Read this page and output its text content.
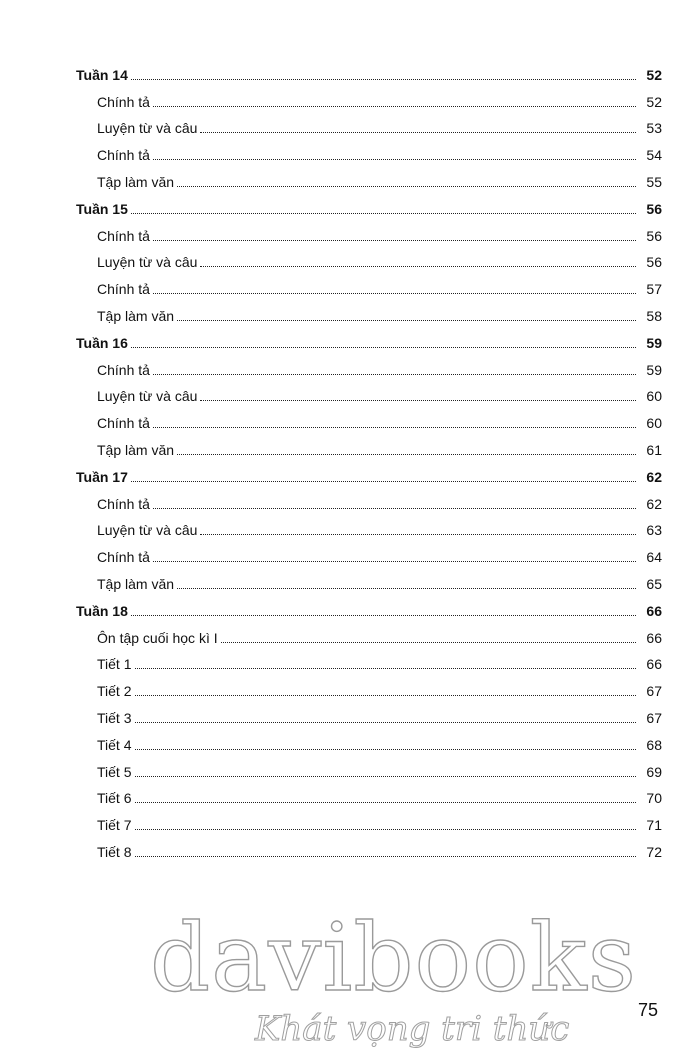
Tuần 14	52
Chính tả	52
Luyện từ và câu	53
Chính tả	54
Tập làm văn	55
Tuần 15	56
Chính tả	56
Luyện từ và câu	56
Chính tả	57
Tập làm văn	58
Tuần 16	59
Chính tả	59
Luyện từ và câu	60
Chính tả	60
Tập làm văn	61
Tuần 17	62
Chính tả	62
Luyện từ và câu	63
Chính tả	64
Tập làm văn	65
Tuần 18	66
Ôn tập cuối học kì I	66
Tiết 1	66
Tiết 2	67
Tiết 3	67
Tiết 4	68
Tiết 5	69
Tiết 6	70
Tiết 7	71
Tiết 8	72
davibooks
Khát vọng tri thức	75
